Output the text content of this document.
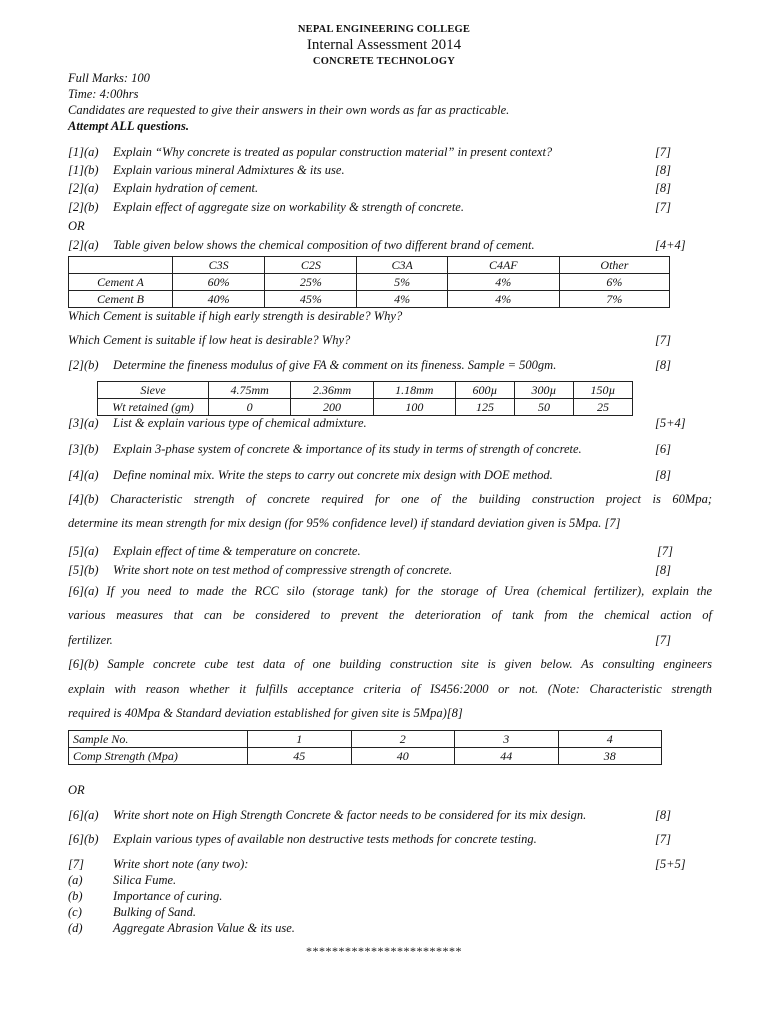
NEPAL ENGINEERING COLLEGE
Internal Assessment 2014
CONCRETE TECHNOLOGY
Full Marks: 100
Time: 4:00hrs
Candidates are requested to give their answers in their own words as far as practicable.
Attempt ALL questions.
[1](a) Explain “Why concrete is treated as popular construction material” in present context?	[7]
[1](b) Explain various mineral Admixtures & its use.	[8]
[2](a) Explain hydration of cement.	[8]
[2](b) Explain effect of aggregate size on workability & strength of concrete.	[7]
OR
[2](a) Table given below shows the chemical composition of two different brand of cement.	[4+4]
	C3S	C2S	C3A	C4AF	Other
Cement A	60%	25%	5%	4%	6%
Cement B	40%	45%	4%	4%	7%
Which Cement is suitable if high early strength is desirable? Why?
Which Cement is suitable if low heat is desirable? Why?	[7]
[2](b) Determine the fineness modulus of give FA & comment on its fineness. Sample = 500gm.	[8]
Sieve	4.75mm	2.36mm	1.18mm	600µ	300µ	150µ
Wt retained (gm)	0	200	100	125	50	25
[3](a) List & explain various type of chemical admixture.	[5+4]
[3](b) Explain 3-phase system of concrete & importance of its study in terms of strength of concrete.	[6]
[4](a) Define nominal mix. Write the steps to carry out concrete mix design with DOE method.	[8]
[4](b) Characteristic strength of concrete required for one of the building construction project is 60Mpa;
determine its mean strength for mix design (for 95% confidence level) if standard deviation given is 5Mpa. [7]
[5](a) Explain effect of time & temperature on concrete.	[7]
[5](b) Write short note on test method of compressive strength of concrete.	[8]
[6](a) If you need to made the RCC silo (storage tank) for the storage of Urea (chemical fertilizer), explain the
various measures that can be considered to prevent the deterioration of tank from the chemical action of
fertilizer.	[7]
[6](b) Sample concrete cube test data of one building construction site is given below. As consulting engineers
explain with reason whether it fulfills acceptance criteria of IS456:2000 or not. (Note: Characteristic strength
required is 40Mpa & Standard deviation established for given site is 5Mpa)[8]
Sample No.	1	2	3	4
Comp Strength (Mpa)	45	40	44	38
OR
[6](a) Write short note on High Strength Concrete & factor needs to be considered for its mix design.	[8]
[6](b) Explain various types of available non destructive tests methods for concrete testing.	[7]
[7] Write short note (any two):	[5+5]
(a) Silica Fume.
(b) Importance of curing.
(c) Bulking of Sand.
(d) Aggregate Abrasion Value & its use.
************************
